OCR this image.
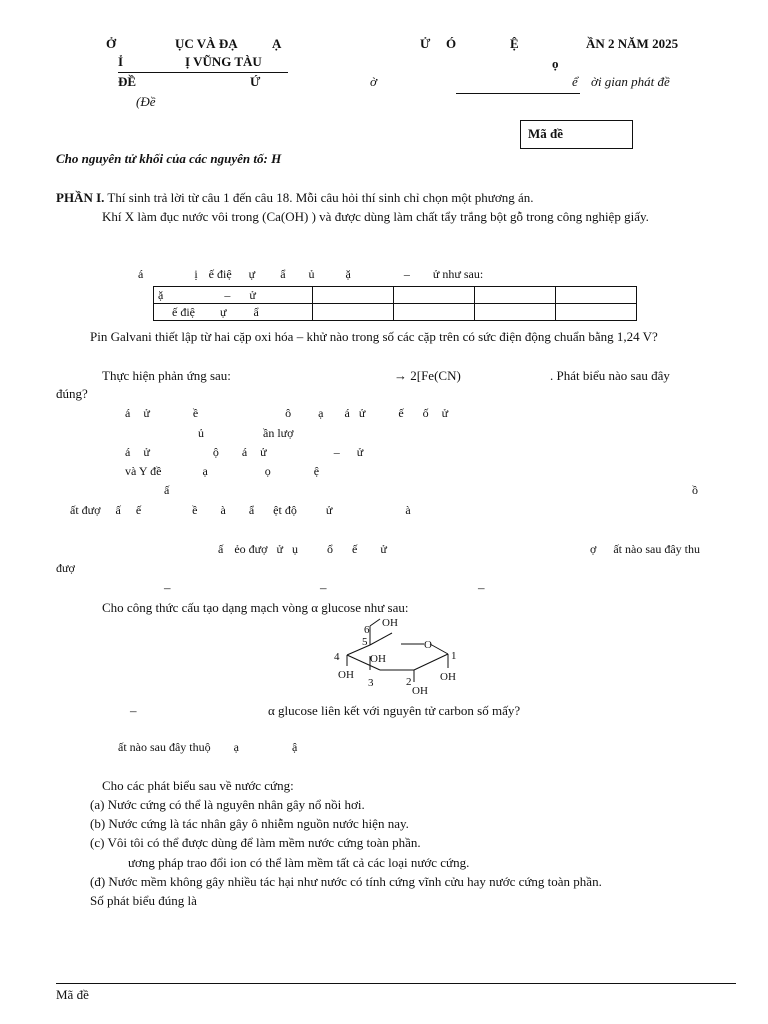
Ở	ỤC VÀ ĐẠ	Ạ
Ỉ	Ị VŨNG TÀU
ĐỀ	Ứ
(Đề
Ử Ó	Ệ	ẦN 2 NĂM 2025
ọ
ờ	ể ời gian phát đề
Mã đề
Cho nguyên tử khối của các nguyên tố: H
PHẦN I. Thí sinh trả lời từ câu 1 đến câu 18. Mỗi câu hỏi thí sinh chỉ chọn một phương án.
Khí X làm đục nước vôi trong (Ca(OH) ) và được dùng làm chất tẩy trắng bột gỗ trong công nghiệp giấy.
á	ị ế điệ ự ẩ ủ	ặ	– ử như sau:
ặ – ử				
ế điệ ự ẩ				
Pin Galvani thiết lập từ hai cặp oxi hóa – khử nào trong số các cặp trên có sức điện động chuẩn bằng 1,24 V?
Thực hiện phản ứng sau:	→ 2[Fe(CN)	. Phát biểu nào sau đây
đúng?
á ử	ề	ô ạ á ử	ế ố ử
ủ	ần lượ
á ử	ộ á ử	– ử
và Y đề	ạ	ọ	ệ
ấ	ồ
ất đượ ấ ế	ề à ẩ ệt độ ử	à
ấ ẻo đượ ử ụ ổ ế ử	ợ ất nào sau đây thu
đượ
–	–	–
Cho công thức cấu tạo dạng mạch vòng α glucose như sau:
6
OH
5	O
4	OH	1
OH
3	2	OH
OH
–	α glucose liên kết với nguyên tử carbon số mấy?
ất nào sau đây thuộ ạ	ậ
Cho các phát biểu sau về nước cứng:
(a) Nước cứng có thể là nguyên nhân gây nổ nồi hơi.
(b) Nước cứng là tác nhân gây ô nhiễm nguồn nước hiện nay.
(c) Vôi tôi có thể được dùng để làm mềm nước cứng toàn phần.
ương pháp trao đổi ion có thể làm mềm tất cả các loại nước cứng.
(đ) Nước mềm không gây nhiều tác hại như nước có tính cứng vĩnh cửu hay nước cứng toàn phần.
Số phát biểu đúng là
Mã đề
